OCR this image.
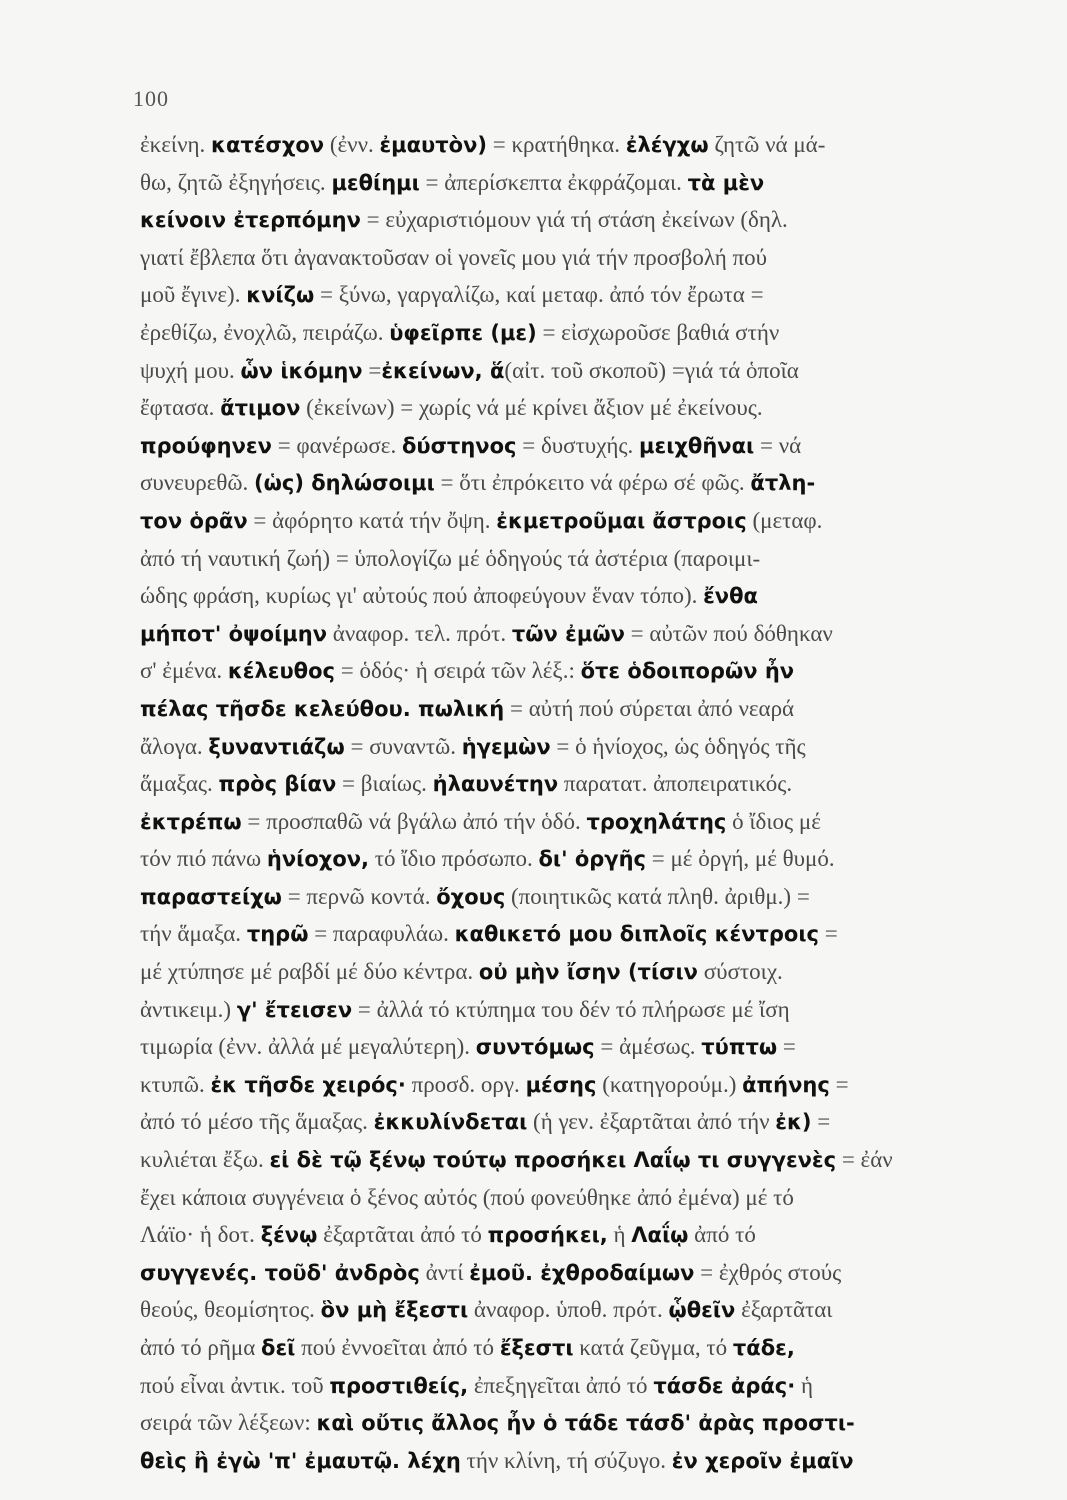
100
ἐκείνη. κατέσχον (ἐνν. ἐμαυτὸν) = κρατήθηκα. ἐλέγχω ζητῶ νά μά-
θω, ζητῶ ἐξηγήσεις. μεθίημι = ἀπερίσκεπτα ἐκφράζομαι. τὰ μὲν
κείνοιν ἐτερπόμην = εὐχαριστιόμουν γιά τή στάση ἐκείνων (δηλ.
γιατί ἔβλεπα ὅτι ἀγανακτοῦσαν οἱ γονεῖς μου γιά τήν προσβολή πού
μοῦ ἔγινε). κνίζω = ξύνω, γαργαλίζω, καί μεταφ. ἀπό τόν ἔρωτα =
ἐρεθίζω, ἐνοχλῶ, πειράζω. ὑφεῖρπε (με) = εἰσχωροῦσε βαθιά στήν
ψυχή μου. ὧν ἱκόμην =ἐκείνων, ἅ(αἰτ. τοῦ σκοποῦ) =γιά τά ὁποῖα
ἔφτασα. ἄτιμον (ἐκείνων) = χωρίς νά μέ κρίνει ἄξιον μέ ἐκείνους.
προύφηνεν = φανέρωσε. δύστηνος = δυστυχής. μειχθῆναι = νά
συνευρεθῶ. (ὡς) δηλώσοιμι = ὅτι ἐπρόκειτο νά φέρω σέ φῶς. ἄτλη-
τον ὁρᾶν = ἀφόρητο κατά τήν ὄψη. ἐκμετροῦμαι ἄστροις (μεταφ.
ἀπό τή ναυτική ζωή) = ὑπολογίζω μέ ὁδηγούς τά ἀστέρια (παροιμι-
ώδης φράση, κυρίως γι' αὐτούς πού ἀποφεύγουν ἕναν τόπο). ἔνθα
μήποτ' ὀψοίμην ἀναφορ. τελ. πρότ. τῶν ἐμῶν = αὐτῶν πού δόθηκαν
σ' ἐμένα. κέλευθος = ὁδός· ἡ σειρά τῶν λέξ.: ὅτε ὁδοιπορῶν ἦν
πέλας τῆσδε κελεύθου. πωλική = αὐτή πού σύρεται ἀπό νεαρά
ἄλογα. ξυναντιάζω = συναντῶ. ἡγεμὼν = ὁ ἡνίοχος, ὡς ὁδηγός τῆς
ἅμαξας. πρὸς βίαν = βιαίως. ἠλαυνέτην παρατατ. ἀποπειρατικός.
ἐκτρέπω = προσπαθῶ νά βγάλω ἀπό τήν ὁδό. τροχηλάτης ὁ ἴδιος μέ
τόν πιό πάνω ἡνίοχον, τό ἴδιο πρόσωπο. δι' ὀργῆς = μέ ὀργή, μέ θυμό.
παραστείχω = περνῶ κοντά. ὄχους (ποιητικῶς κατά πληθ. ἀριθμ.) =
τήν ἅμαξα. τηρῶ = παραφυλάω. καθικετό μου διπλοῖς κέντροις =
μέ χτύπησε μέ ραβδί μέ δύο κέντρα. οὐ μὴν ἴσην (τίσιν σύστοιχ.
ἀντικειμ.) γ' ἔτεισεν = ἀλλά τό κτύπημα του δέν τό πλήρωσε μέ ἴση
τιμωρία (ἐνν. ἀλλά μέ μεγαλύτερη). συντόμως = ἀμέσως. τύπτω =
κτυπῶ. ἐκ τῆσδε χειρός· προσδ. οργ. μέσης (κατηγορούμ.) ἀπήνης =
ἀπό τό μέσο τῆς ἅμαξας. ἐκκυλίνδεται (ἡ γεν. ἐξαρτᾶται ἀπό τήν ἐκ) =
κυλιέται ἔξω. εἰ δὲ τῷ ξένῳ τούτῳ προσήκει Λαΐῳ τι συγγενὲς = ἐάν
ἔχει κάποια συγγένεια ὁ ξένος αὐτός (πού φονεύθηκε ἀπό ἐμένα) μέ τό
Λάϊο· ἡ δοτ. ξένῳ ἐξαρτᾶται ἀπό τό προσήκει, ἡ Λαΐῳ ἀπό τό
συγγενές. τοῦδ' ἀνδρὸς ἀντί ἐμοῦ. ἐχθροδαίμων = ἐχθρός στούς
θεούς, θεομίσητος. ὃν μὴ ἔξεστι ἀναφορ. ὑποθ. πρότ. ᾧθεῖν ἐξαρτᾶται
ἀπό τό ρῆμα δεῖ πού ἐννοεῖται ἀπό τό ἔξεστι κατά ζεῦγμα, τό τάδε,
πού εἶναι ἀντικ. τοῦ προστιθείς, ἐπεξηγεῖται ἀπό τό τάσδε ἀράς· ἡ
σειρά τῶν λέξεων: καὶ οὔτις ἄλλος ἦν ὁ τάδε τάσδ' ἀρὰς προστι-
θεὶς ἢ ἐγὼ 'π' ἐμαυτῷ. λέχη τήν κλίνη, τή σύζυγο. ἐν χεροῖν ἐμαῖν
